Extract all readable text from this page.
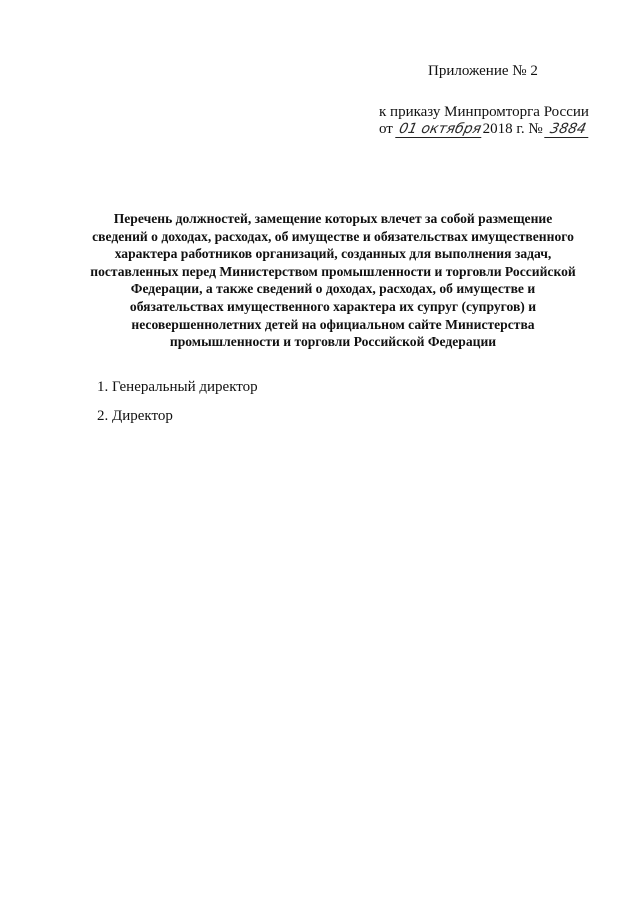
Приложение № 2
к приказу Минпромторга России
от 01 октября2018 г. № 3884
Перечень должностей, замещение которых влечет за собой размещение
сведений о доходах, расходах, об имуществе и обязательствах имущественного
характера работников организаций, созданных для выполнения задач,
поставленных перед Министерством промышленности и торговли Российской
Федерации, а также сведений о доходах, расходах, об имуществе и
обязательствах имущественного характера их супруг (супругов) и
несовершеннолетних детей на официальном сайте Министерства
промышленности и торговли Российской Федерации
1. Генеральный директор
2. Директор
